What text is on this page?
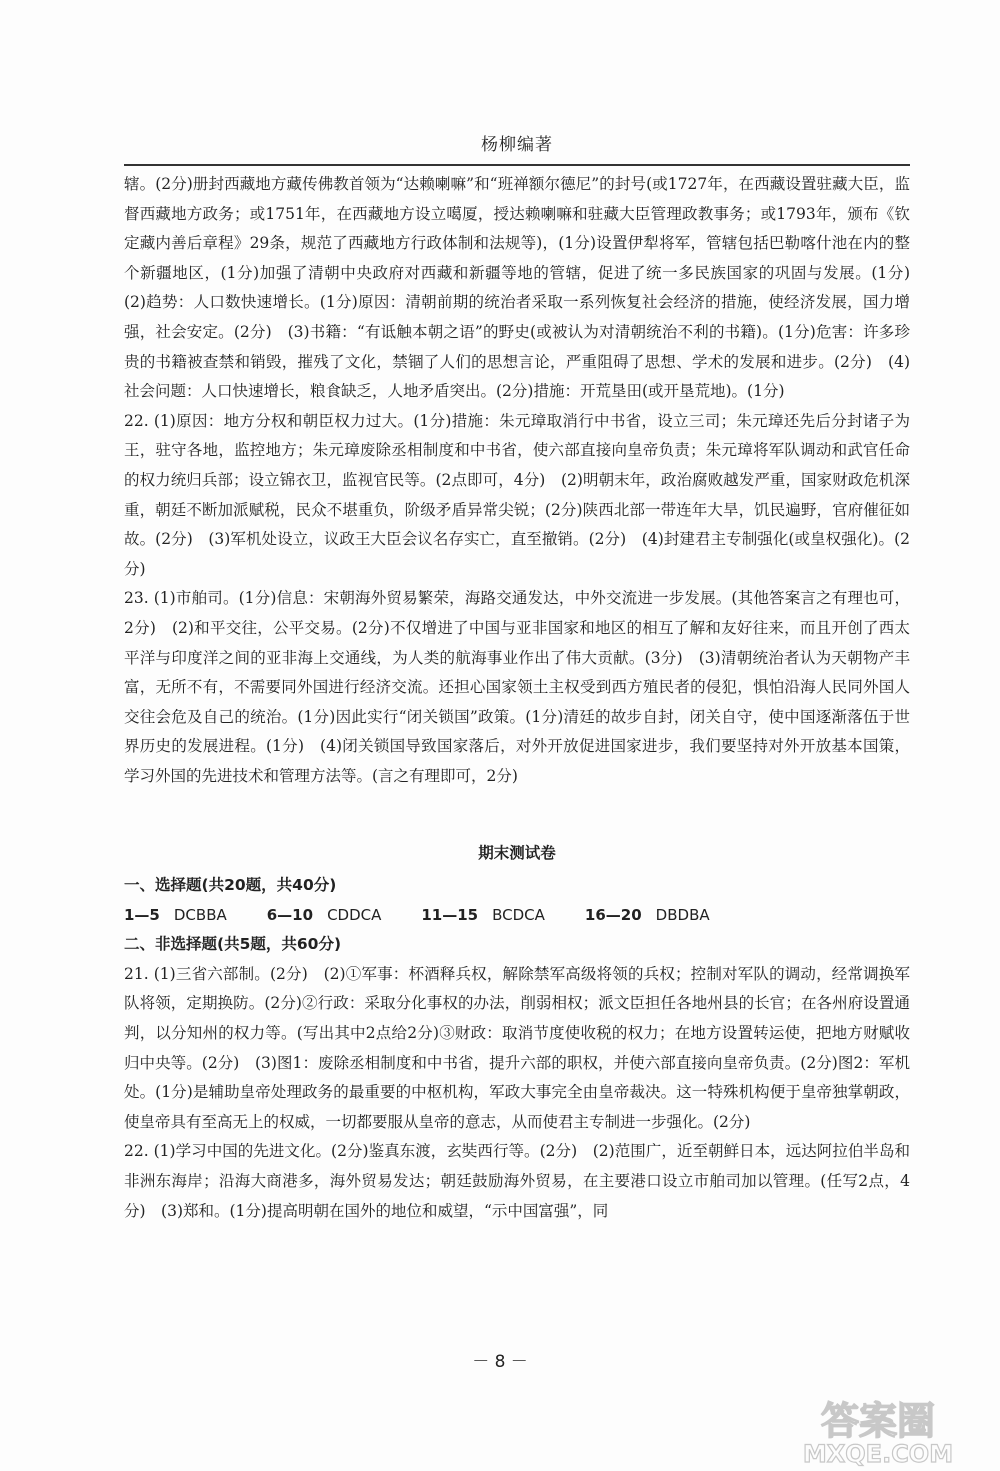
杨柳编著

辖。(2分)册封西藏地方藏传佛教首领为“达赖喇嘛”和“班禅额尔德尼”的封号(或1727年，在西藏设置驻藏大臣，监督西藏地方政务；或1751年，在西藏地方设立噶厦，授达赖喇嘛和驻藏大臣管理政教事务；或1793年，颁布《钦定藏内善后章程》29条，规范了西藏地方行政体制和法规等)，(1分)设置伊犁将军，管辖包括巴勒喀什池在内的整个新疆地区，(1分)加强了清朝中央政府对西藏和新疆等地的管辖，促进了统一多民族国家的巩固与发展。(1分)　(2)趋势：人口数快速增长。(1分)原因：清朝前期的统治者采取一系列恢复社会经济的措施，使经济发展，国力增强，社会安定。(2分)　(3)书籍：“有诋触本朝之语”的野史(或被认为对清朝统治不利的书籍)。(1分)危害：许多珍贵的书籍被查禁和销毁，摧残了文化，禁锢了人们的思想言论，严重阻碍了思想、学术的发展和进步。(2分)　(4)社会问题：人口快速增长，粮食缺乏，人地矛盾突出。(2分)措施：开荒垦田(或开垦荒地)。(1分)

22. (1)原因：地方分权和朝臣权力过大。(1分)措施：朱元璋取消行中书省，设立三司；朱元璋还先后分封诸子为王，驻守各地，监控地方；朱元璋废除丞相制度和中书省，使六部直接向皇帝负责；朱元璋将军队调动和武官任命的权力统归兵部；设立锦衣卫，监视官民等。(2点即可，4分)　(2)明朝末年，政治腐败越发严重，国家财政危机深重，朝廷不断加派赋税，民众不堪重负，阶级矛盾异常尖锐；(2分)陕西北部一带连年大旱，饥民遍野，官府催征如故。(2分)　(3)军机处设立，议政王大臣会议名存实亡，直至撤销。(2分)　(4)封建君主专制强化(或皇权强化)。(2分)

23. (1)市舶司。(1分)信息：宋朝海外贸易繁荣，海路交通发达，中外交流进一步发展。(其他答案言之有理也可，2分)　(2)和平交往，公平交易。(2分)不仅增进了中国与亚非国家和地区的相互了解和友好往来，而且开创了西太平洋与印度洋之间的亚非海上交通线，为人类的航海事业作出了伟大贡献。(3分)　(3)清朝统治者认为天朝物产丰富，无所不有，不需要同外国进行经济交流。还担心国家领土主权受到西方殖民者的侵犯，惧怕沿海人民同外国人交往会危及自己的统治。(1分)因此实行“闭关锁国”政策。(1分)清廷的故步自封，闭关自守，使中国逐渐落伍于世界历史的发展进程。(1分)　(4)闭关锁国导致国家落后，对外开放促进国家进步，我们要坚持对外开放基本国策，学习外国的先进技术和管理方法等。(言之有理即可，2分)

期末测试卷

一、选择题(共20题，共40分)

1—5 DCBBA	6—10 CDDCA	11—15 BCDCA	16—20 DBDBA

二、非选择题(共5题，共60分)

21. (1)三省六部制。(2分)　(2)①军事：杯酒释兵权，解除禁军高级将领的兵权；控制对军队的调动，经常调换军队将领，定期换防。(2分)②行政：采取分化事权的办法，削弱相权；派文臣担任各地州县的长官；在各州府设置通判，以分知州的权力等。(写出其中2点给2分)③财政：取消节度使收税的权力；在地方设置转运使，把地方财赋收归中央等。(2分)　(3)图1：废除丞相制度和中书省，提升六部的职权，并使六部直接向皇帝负责。(2分)图2：军机处。(1分)是辅助皇帝处理政务的最重要的中枢机构，军政大事完全由皇帝裁决。这一特殊机构便于皇帝独掌朝政，使皇帝具有至高无上的权威，一切都要服从皇帝的意志，从而使君主专制进一步强化。(2分)

22. (1)学习中国的先进文化。(2分)鉴真东渡，玄奘西行等。(2分)　(2)范围广，近至朝鲜日本，远达阿拉伯半岛和非洲东海岸；沿海大商港多，海外贸易发达；朝廷鼓励海外贸易，在主要港口设立市舶司加以管理。(任写2点，4分)　(3)郑和。(1分)提高明朝在国外的地位和威望，“示中国富强”，同

－ 8 －
答案圈
MXQE.COM
